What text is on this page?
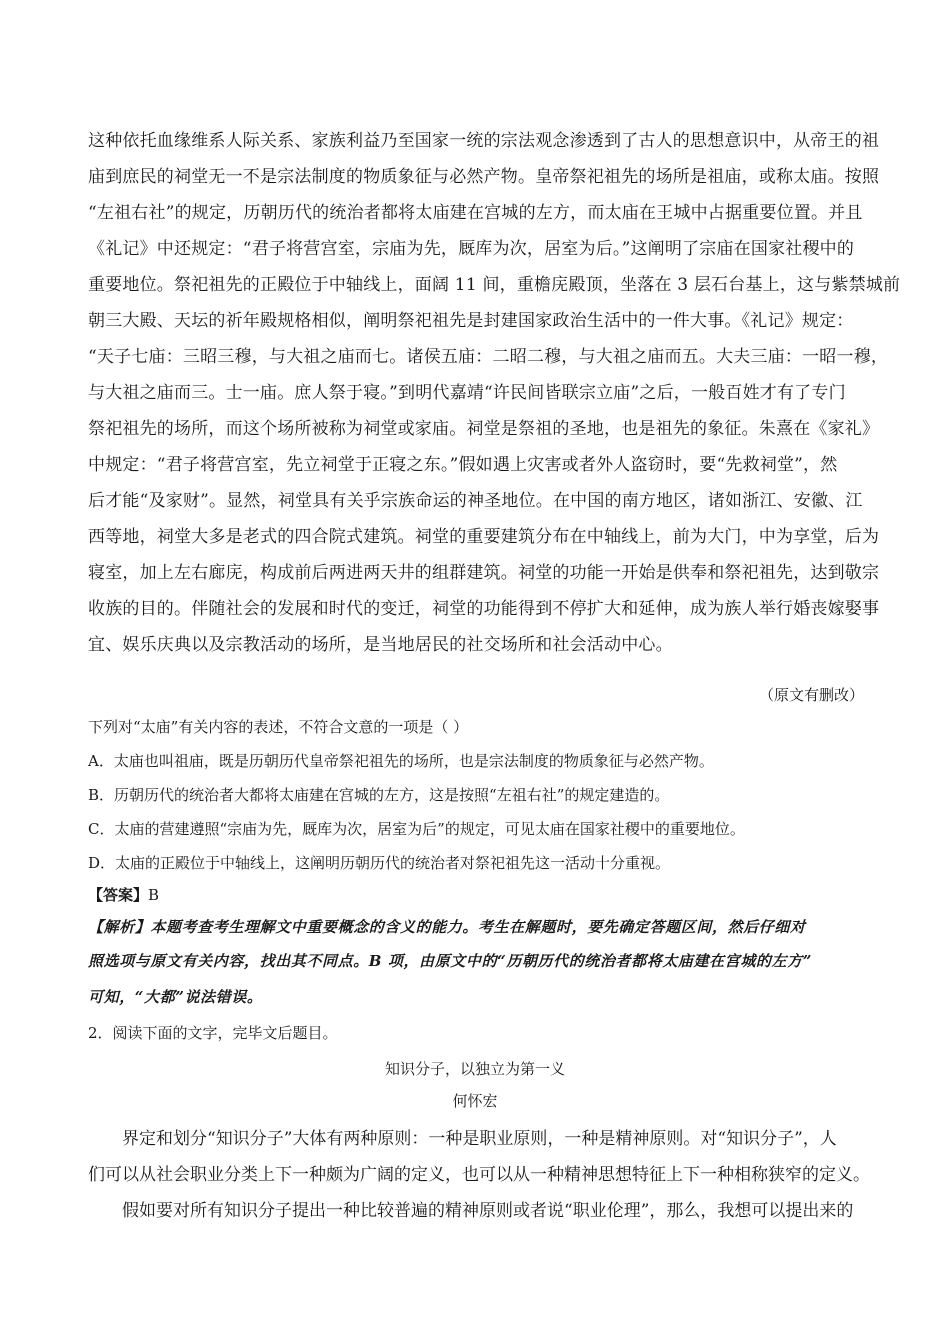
这种依托血缘维系人际关系、家族利益乃至国家一统的宗法观念渗透到了古人的思想意识中，从帝王的祖
庙到庶民的祠堂无一不是宗法制度的物质象征与必然产物。皇帝祭祀祖先的场所是祖庙，或称太庙。按照
“左祖右社”的规定，历朝历代的统治者都将太庙建在宫城的左方，而太庙在王城中占据重要位置。并且
《礼记》中还规定：“君子将营宫室，宗庙为先，厩库为次，居室为后。”这阐明了宗庙在国家社稷中的
重要地位。祭祀祖先的正殿位于中轴线上，面阔 11 间，重檐庑殿顶，坐落在 3 层石台基上，这与紫禁城前
朝三大殿、天坛的祈年殿规格相似，阐明祭祀祖先是封建国家政治生活中的一件大事。《礼记》规定：
“天子七庙：三昭三穆，与大祖之庙而七。诸侯五庙：二昭二穆，与大祖之庙而五。大夫三庙：一昭一穆，
与大祖之庙而三。士一庙。庶人祭于寝。”到明代嘉靖“许民间皆联宗立庙”之后，一般百姓才有了专门
祭祀祖先的场所，而这个场所被称为祠堂或家庙。祠堂是祭祖的圣地，也是祖先的象征。朱熹在《家礼》
中规定：“君子将营宫室，先立祠堂于正寝之东。”假如遇上灾害或者外人盗窃时，要“先救祠堂”，然
后才能“及家财”。显然，祠堂具有关乎宗族命运的神圣地位。在中国的南方地区，诸如浙江、安徽、江
西等地，祠堂大多是老式的四合院式建筑。祠堂的重要建筑分布在中轴线上，前为大门，中为享堂，后为
寝室，加上左右廊庑，构成前后两进两天井的组群建筑。祠堂的功能一开始是供奉和祭祀祖先，达到敬宗
收族的目的。伴随社会的发展和时代的变迁，祠堂的功能得到不停扩大和延伸，成为族人举行婚丧嫁娶事
宜、娱乐庆典以及宗教活动的场所，是当地居民的社交场所和社会活动中心。
（原文有删改）
下列对“太庙”有关内容的表述，不符合文意的一项是（ ）
A．太庙也叫祖庙，既是历朝历代皇帝祭祀祖先的场所，也是宗法制度的物质象征与必然产物。
B．历朝历代的统治者大都将太庙建在宫城的左方，这是按照“左祖右社”的规定建造的。
C．太庙的营建遵照“宗庙为先，厩库为次，居室为后”的规定，可见太庙在国家社稷中的重要地位。
D．太庙的正殿位于中轴线上，这阐明历朝历代的统治者对祭祀祖先这一活动十分重视。
【答案】B
【解析】本题考查考生理解文中重要概念的含义的能力。考生在解题时，要先确定答题区间，然后仔细对
照选项与原文有关内容，找出其不同点。B 项，由原文中的“历朝历代的统治者都将太庙建在宫城的左方”
可知，“大都”说法错误。
2．阅读下面的文字，完毕文后题目。
知识分子，以独立为第一义
何怀宏
界定和划分“知识分子”大体有两种原则：一种是职业原则，一种是精神原则。对“知识分子”，人
们可以从社会职业分类上下一种颇为广阔的定义，也可以从一种精神思想特征上下一种相称狭窄的定义。
假如要对所有知识分子提出一种比较普遍的精神原则或者说“职业伦理”，那么，我想可以提出来的
